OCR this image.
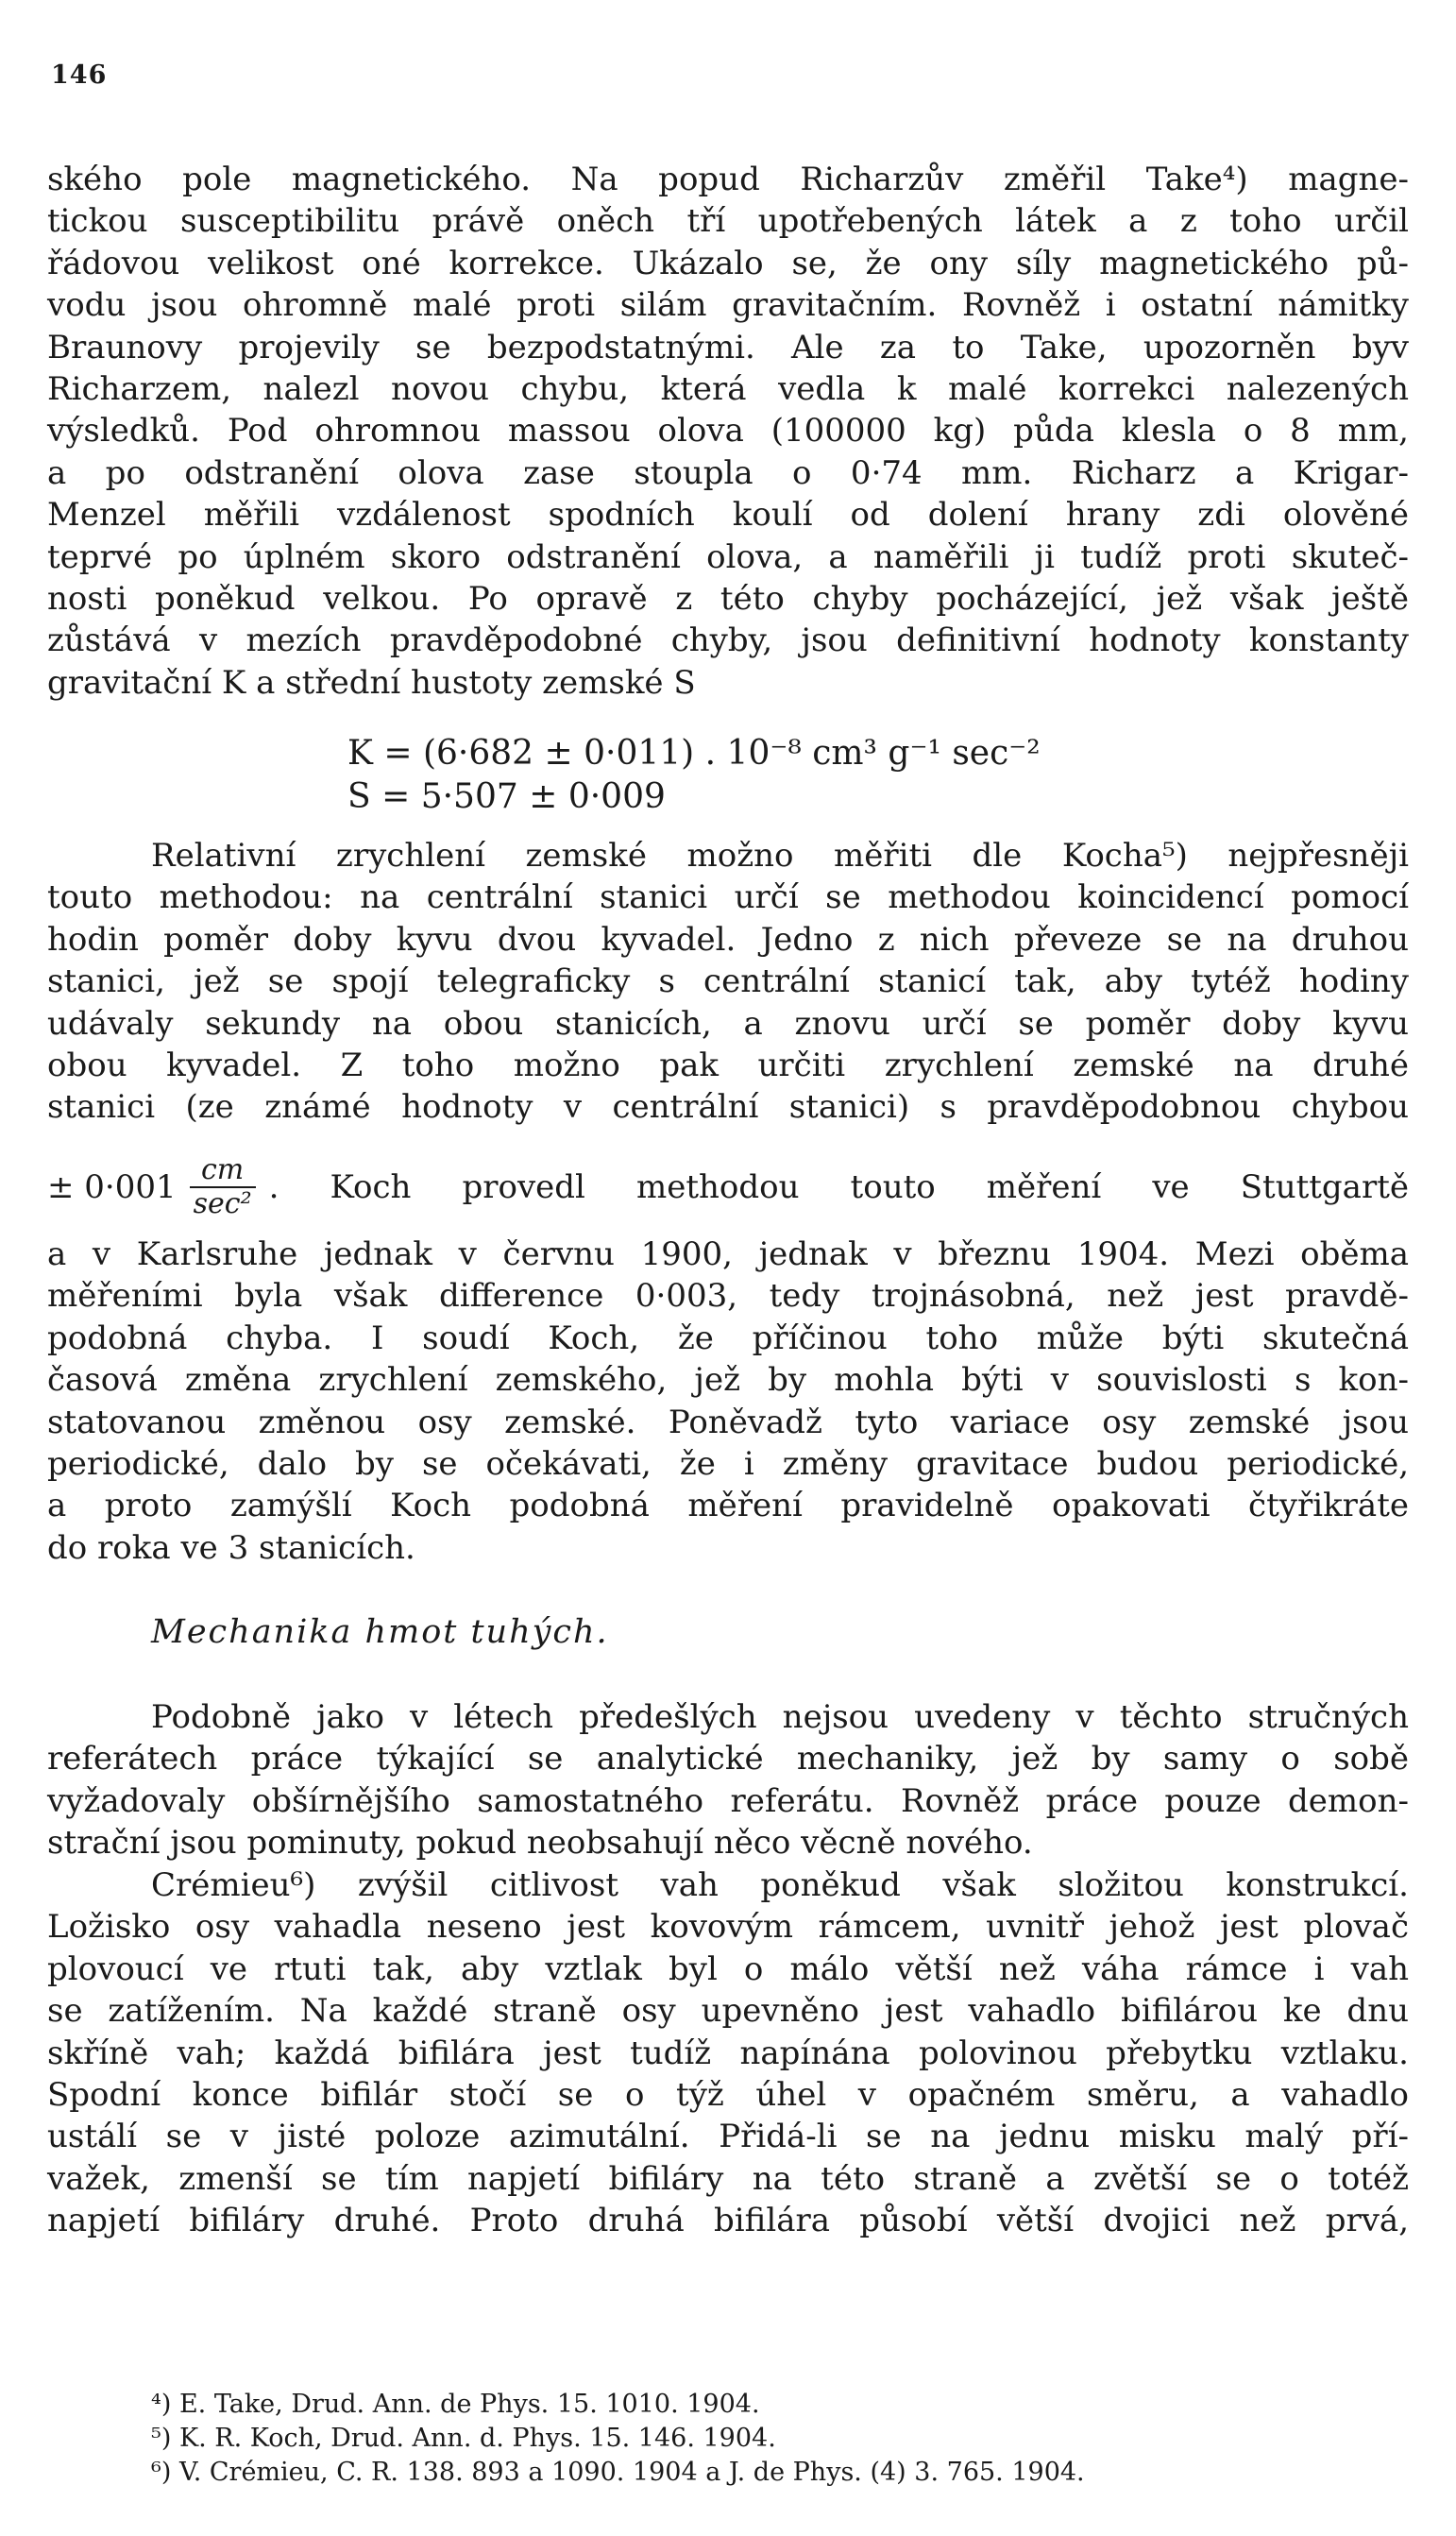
146
ského pole magnetického. Na popud Richarzův změřil Take⁴) magne-
tickou susceptibilitu právě oněch tří upotřebených látek a z toho určil
řádovou velikost oné korrekce. Ukázalo se, že ony síly magnetického pů-
vodu jsou ohromně malé proti silám gravitačním. Rovněž i ostatní námitky
Braunovy projevily se bezpodstatnými. Ale za to Take, upozorněn byv
Richarzem, nalezl novou chybu, která vedla k malé korrekci nalezených
výsledků. Pod ohromnou massou olova (100000 kg) půda klesla o 8 mm,
a po odstranění olova zase stoupla o 0·74 mm. Richarz a Krigar-
Menzel měřili vzdálenost spodních koulí od dolení hrany zdi olověné
teprvé po úplném skoro odstranění olova, a naměřili ji tudíž proti skuteč-
nosti poněkud velkou. Po opravě z této chyby pocházející, jež však ještě
zůstává v mezích pravděpodobné chyby, jsou definitivní hodnoty konstanty
gravitační K a střední hustoty zemské S
K = (6·682 ± 0·011) . 10⁻⁸ cm³ g⁻¹ sec⁻²
S = 5·507 ± 0·009
Relativní zrychlení zemské možno měřiti dle Kocha⁵) nejpřesněji
touto methodou: na centrální stanici určí se methodou koincidencí pomocí
hodin poměr doby kyvu dvou kyvadel. Jedno z nich převeze se na druhou
stanici, jež se spojí telegraficky s centrální stanicí tak, aby tytéž hodiny
udávaly sekundy na obou stanicích, a znovu určí se poměr doby kyvu
obou kyvadel. Z toho možno pak určiti zrychlení zemské na druhé
stanici (ze známé hodnoty v centrální stanici) s pravděpodobnou chybou
± $0\cdot 001 \frac{cm}{\text{sec²}}$ . Koch provedl methodou touto měření ve Stuttgartě
a v Karlsruhe jednak v červnu 1900, jednak v březnu 1904. Mezi oběma
měřeními byla však difference 0·003, tedy trojnásobná, než jest pravdě-
podobná chyba. I soudí Koch, že příčinou toho může býti skutečná
časová změna zrychlení zemského, jež by mohla býti v souvislosti s kon-
statovanou změnou osy zemské. Poněvadž tyto variace osy zemské jsou
periodické, dalo by se očekávati, že i změny gravitace budou periodické,
a proto zamýšlí Koch podobná měření pravidelně opakovati čtyřikráte
do roka ve 3 stanicích.
Mechanika hmot tuhých.
Podobně jako v létech předešlých nejsou uvedeny v těchto stručných
referátech práce týkající se analytické mechaniky, jež by samy o sobě
vyžadovaly obšírnějšího samostatného referátu. Rovněž práce pouze demon-
strační jsou pominuty, pokud neobsahují něco věcně nového.
Crémieu⁶) zvýšil citlivost vah poněkud však složitou konstrukcí.
Ložisko osy vahadla neseno jest kovovým rámcem, uvnitř jehož jest plovač
plovoucí ve rtuti tak, aby vztlak byl o málo větší než váha rámce i vah
se zatížením. Na každé straně osy upevněno jest vahadlo bifilárou ke dnu
skříně vah; každá bifilára jest tudíž napínána polovinou přebytku vztlaku.
Spodní konce bifilár stočí se o týž úhel v opačném směru, a vahadlo
ustálí se v jisté poloze azimutální. Přidá-li se na jednu misku malý pří-
važek, zmenší se tím napjetí bifiláry na této straně a zvětší se o totéž
napjetí bifiláry druhé. Proto druhá bifilára působí větší dvojici než prvá,
⁴) E. Take, Drud. Ann. de Phys. 15. 1010. 1904.
⁵) K. R. Koch, Drud. Ann. d. Phys. 15. 146. 1904.
⁶) V. Crémieu, C. R. 138. 893 a 1090. 1904 a J. de Phys. (4) 3. 765. 1904.
